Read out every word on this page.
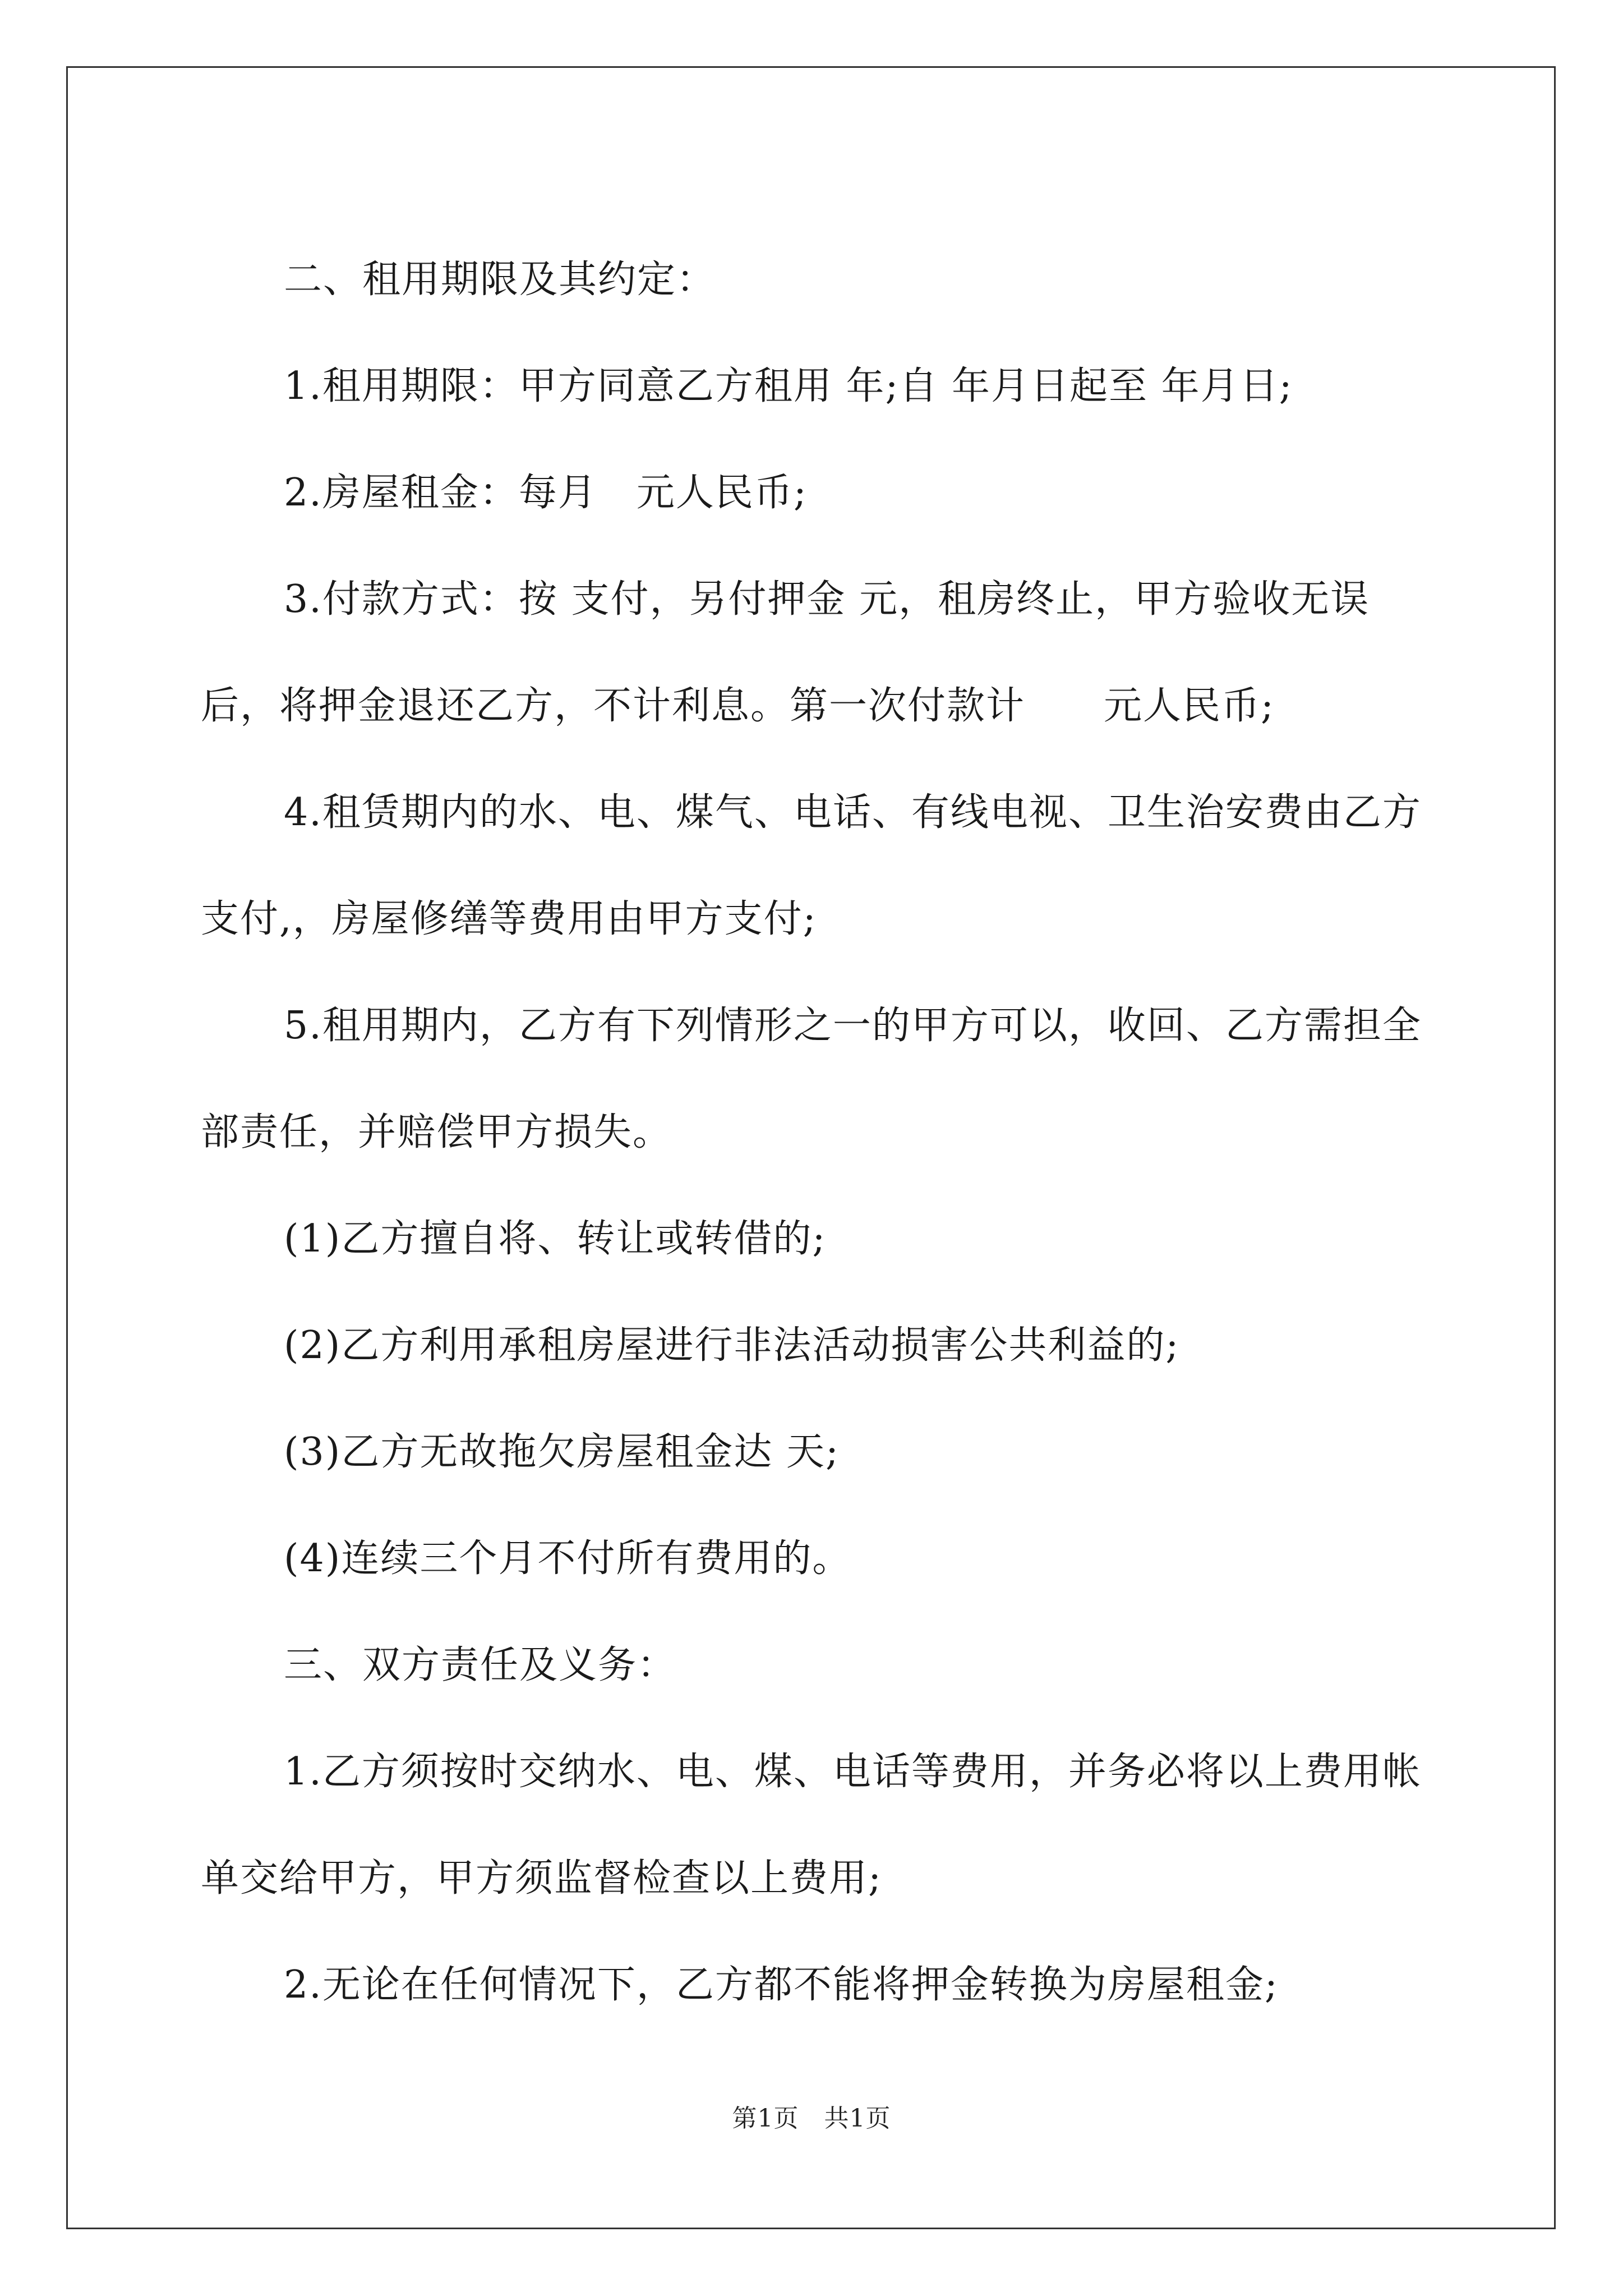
二、租用期限及其约定：

1.租用期限：甲方同意乙方租用 年;自 年月日起至 年月日;

2.房屋租金：每月　元人民币;

3.付款方式：按 支付，另付押金 元，租房终止，甲方验收无误后，将押金退还乙方，不计利息。第一次付款计　　元人民币;

4.租赁期内的水、电、煤气、电话、有线电视、卫生治安费由乙方支付,，房屋修缮等费用由甲方支付;

5.租用期内，乙方有下列情形之一的甲方可以，收回、乙方需担全部责任，并赔偿甲方损失。

(1)乙方擅自将、转让或转借的;

(2)乙方利用承租房屋进行非法活动损害公共利益的;

(3)乙方无故拖欠房屋租金达 天;

(4)连续三个月不付所有费用的。

三、双方责任及义务：

1.乙方须按时交纳水、电、煤、电话等费用，并务必将以上费用帐单交给甲方，甲方须监督检查以上费用;

2.无论在任何情况下，乙方都不能将押金转换为房屋租金;

第1页　共1页
